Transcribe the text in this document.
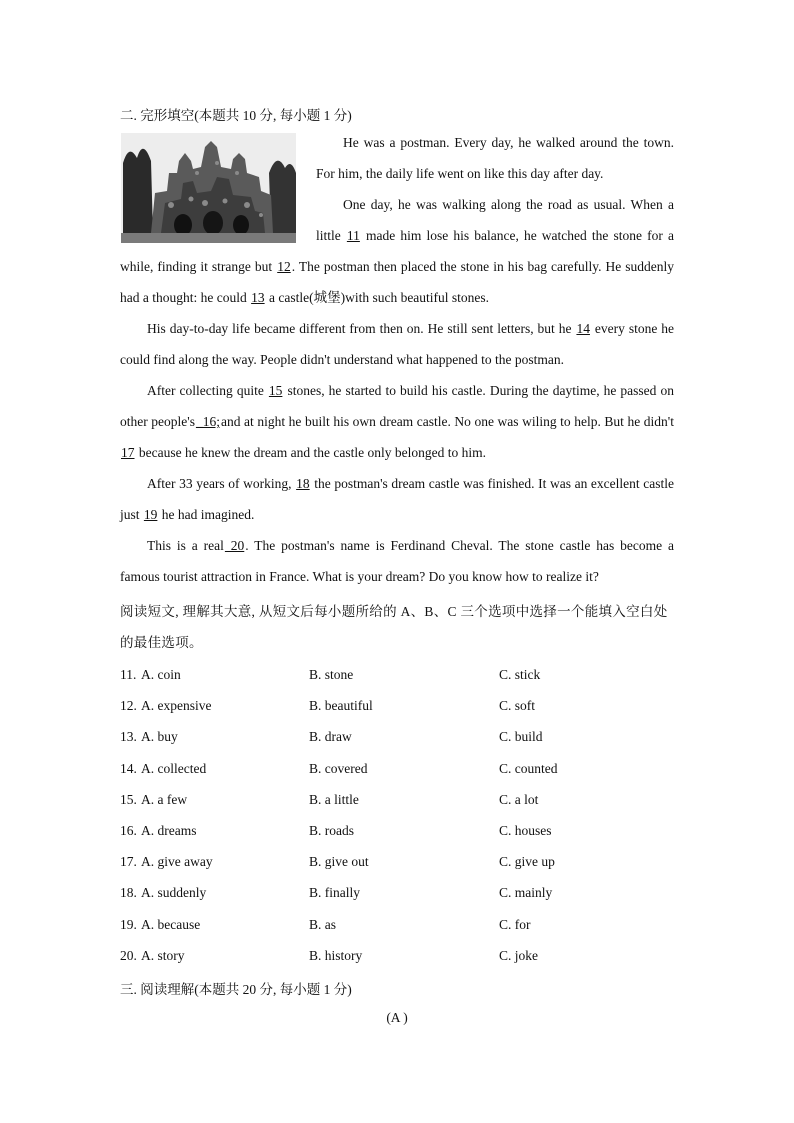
二. 完形填空(本题共 10 分, 每小题 1 分)
He was a postman. Every day, he walked around the town. For him, the daily life went on like this day after day.
One day, he was walking along the road as usual. When a little 11 made him lose his balance, he watched the stone for a while, finding it strange but 12. The postman then placed the stone in his bag carefully. He suddenly had a thought: he could 13 a castle(城堡)with such beautiful stones.
His day-to-day life became different from then on. He still sent letters, but he 14 every stone he could find along the way. People didn't understand what happened to the postman.
After collecting quite 15 stones, he started to build his castle. During the daytime, he passed on other people's_16;and at night he built his own dream castle. No one was wiling to help. But he didn't 17 because he knew the dream and the castle only belonged to him.
After 33 years of working, 18 the postman's dream castle was finished. It was an excellent castle just 19 he had imagined.
This is a real 20. The postman's name is Ferdinand Cheval. The stone castle has become a famous tourist attraction in France. What is your dream? Do you know how to realize it?
阅读短文, 理解其大意, 从短文后每小题所给的 A、B、C 三个选项中选择一个能填入空白处的最佳选项。
11. A. coin	B. stone	C. stick
12. A. expensive	B. beautiful	C. soft
13. A. buy	B. draw	C. build
14. A. collected	B. covered	C. counted
15. A. a few	B. a little	C. a lot
16. A. dreams	B. roads	C. houses
17. A. give away	B. give out	C. give up
18. A. suddenly	B. finally	C. mainly
19. A. because	B. as	C. for
20. A. story	B. history	C. joke
三. 阅读理解(本题共 20 分, 每小题 1 分)
(A )
